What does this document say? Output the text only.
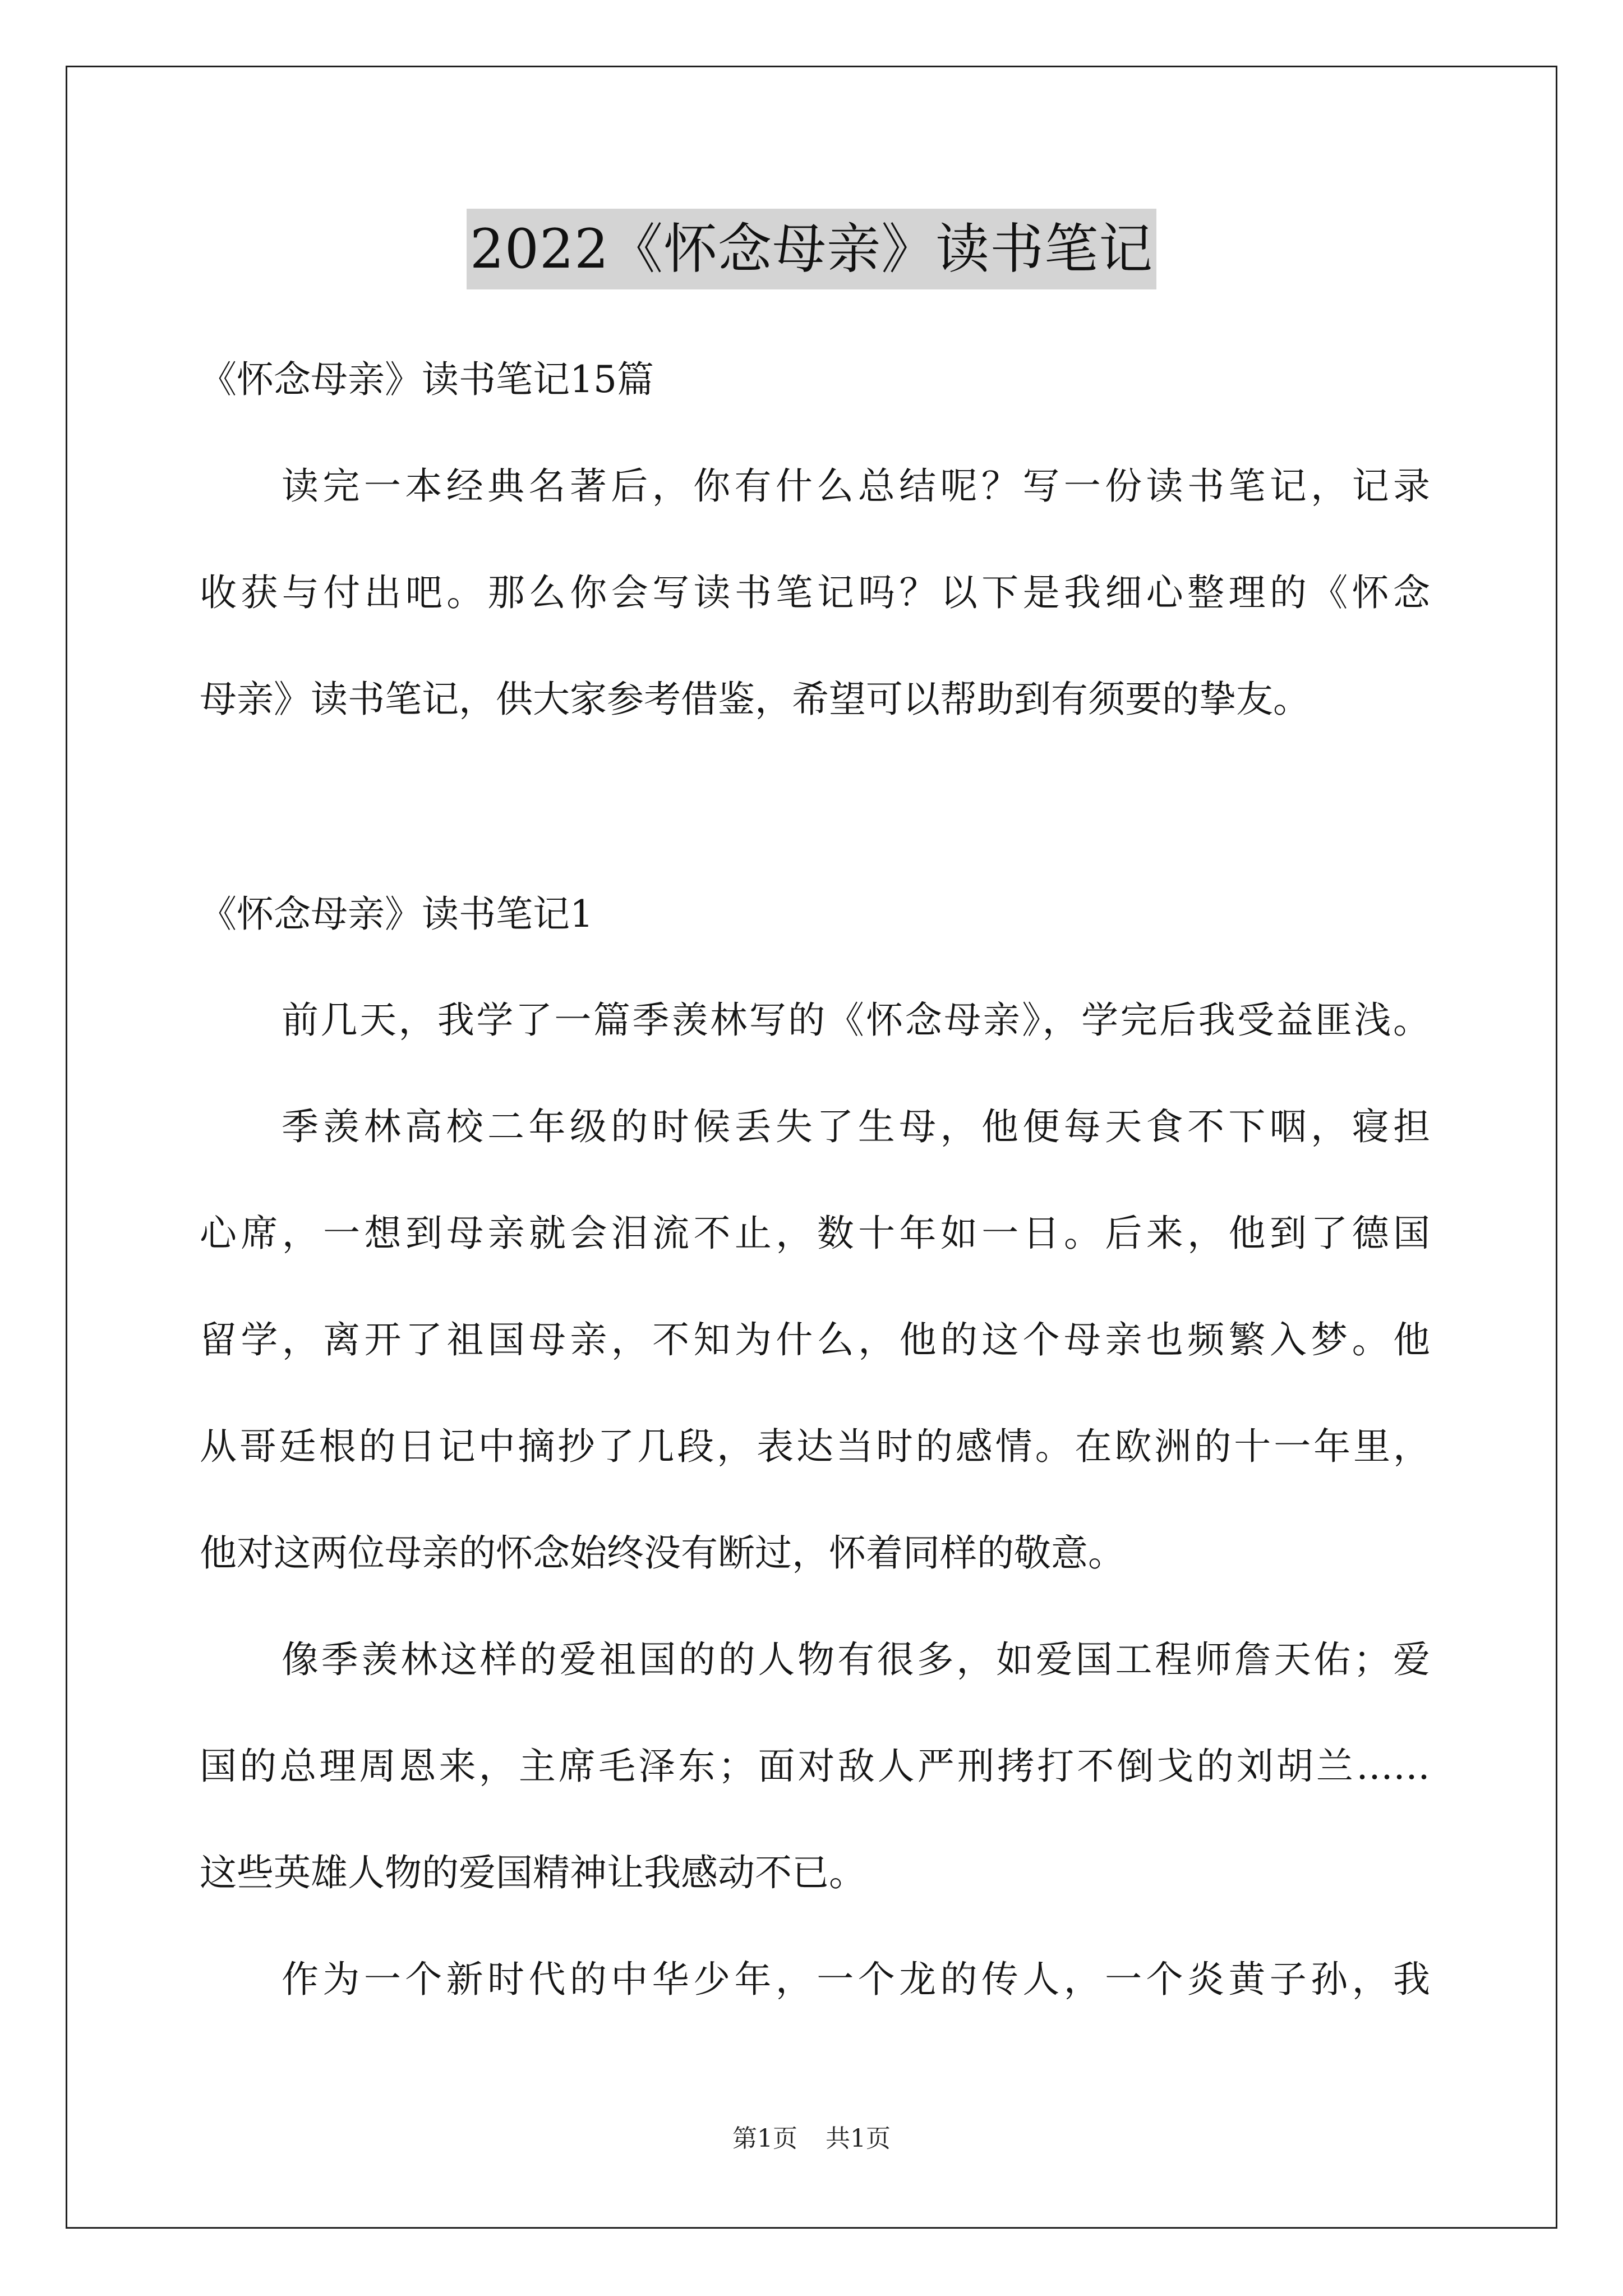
2022《怀念母亲》读书笔记
《怀念母亲》读书笔记15篇
读完一本经典名著后，你有什么总结呢？写一份读书笔记，记录
收获与付出吧。那么你会写读书笔记吗？以下是我细心整理的《怀念
母亲》读书笔记，供大家参考借鉴，希望可以帮助到有须要的挚友。
《怀念母亲》读书笔记1
前几天，我学了一篇季羡林写的《怀念母亲》，学完后我受益匪浅。
季羡林高校二年级的时候丢失了生母，他便每天食不下咽，寝担
心席，一想到母亲就会泪流不止，数十年如一日。后来，他到了德国
留学，离开了祖国母亲，不知为什么，他的这个母亲也频繁入梦。他
从哥廷根的日记中摘抄了几段，表达当时的感情。在欧洲的十一年里，
他对这两位母亲的怀念始终没有断过，怀着同样的敬意。
像季羡林这样的爱祖国的的人物有很多，如爱国工程师詹天佑；爱
国的总理周恩来，主席毛泽东；面对敌人严刑拷打不倒戈的刘胡兰……
这些英雄人物的爱国精神让我感动不已。
作为一个新时代的中华少年，一个龙的传人，一个炎黄子孙，我
第1页 共1页
